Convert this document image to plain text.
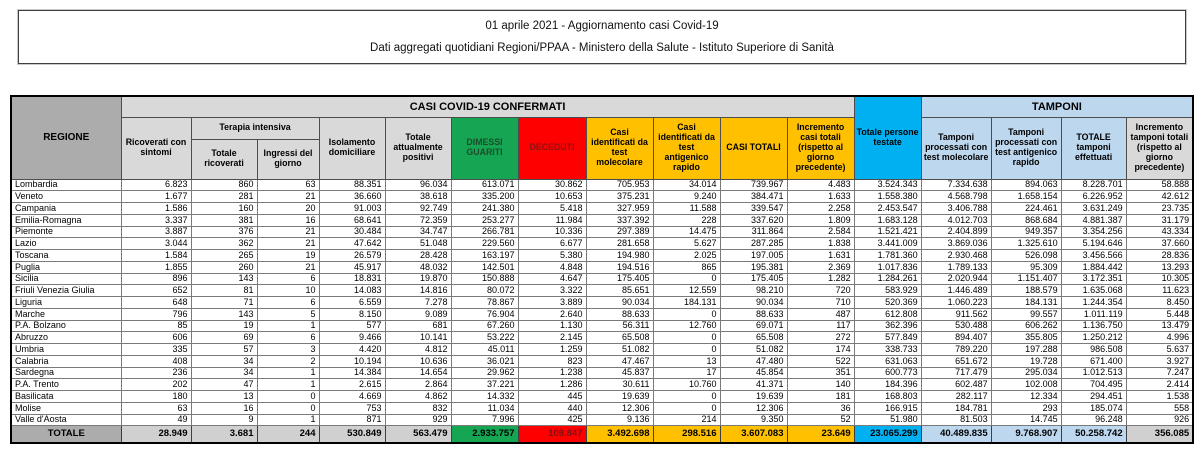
01 aprile 2021 - Aggiornamento casi Covid-19
Dati aggregati quotidiani Regioni/PPAA - Ministero della Salute - Istituto Superiore di Sanità
REGIONE	CASI COVID-19 CONFERMATI											Totale persone testate	TAMPONI			
	Ricoverati con sintomi	Terapia intensiva		Isolamento domiciliare	Totale attualmente positivi	DIMESSI GUARITI	DECEDUTI	Casi identificati da test molecolare	Casi identificati da test antigenico rapido	CASI TOTALI	Incremento casi totali (rispetto al giorno precedente)		Tamponi processati con test molecolare	Tamponi processati con test antigenico rapido	TOTALE tamponi effettuati	Incremento tamponi totali (rispetto al giorno precedente)
		Totale ricoverati	Ingressi del giorno													
Lombardia	6.823	860	63	88.351	96.034	613.071	30.862	705.953	34.014	739.967	4.483	3.524.343	7.334.638	894.063	8.228.701	58.888
Veneto	1.677	281	21	36.660	38.618	335.200	10.653	375.231	9.240	384.471	1.633	1.558.380	4.568.798	1.658.154	6.226.952	42.612
Campania	1.586	160	20	91.003	92.749	241.380	5.418	327.959	11.588	339.547	2.258	2.453.547	3.406.788	224.461	3.631.249	23.735
Emilia-Romagna	3.337	381	16	68.641	72.359	253.277	11.984	337.392	228	337.620	1.809	1.683.128	4.012.703	868.684	4.881.387	31.179
Piemonte	3.887	376	21	30.484	34.747	266.781	10.336	297.389	14.475	311.864	2.584	1.521.421	2.404.899	949.357	3.354.256	43.334
Lazio	3.044	362	21	47.642	51.048	229.560	6.677	281.658	5.627	287.285	1.838	3.441.009	3.869.036	1.325.610	5.194.646	37.660
Toscana	1.584	265	19	26.579	28.428	163.197	5.380	194.980	2.025	197.005	1.631	1.781.360	2.930.468	526.098	3.456.566	28.836
Puglia	1.855	260	21	45.917	48.032	142.501	4.848	194.516	865	195.381	2.369	1.017.836	1.789.133	95.309	1.884.442	13.293
Sicilia	896	143	6	18.831	19.870	150.888	4.647	175.405	0	175.405	1.282	1.284.261	2.020.944	1.151.407	3.172.351	10.305
Friuli Venezia Giulia	652	81	10	14.083	14.816	80.072	3.322	85.651	12.559	98.210	720	583.929	1.446.489	188.579	1.635.068	11.623
Liguria	648	71	6	6.559	7.278	78.867	3.889	90.034	184.131	90.034	710	520.369	1.060.223	184.131	1.244.354	8.450
Marche	796	143	5	8.150	9.089	76.904	2.640	88.633	0	88.633	487	612.808	911.562	99.557	1.011.119	5.448
P.A. Bolzano	85	19	1	577	681	67.260	1.130	56.311	12.760	69.071	117	362.396	530.488	606.262	1.136.750	13.479
Abruzzo	606	69	6	9.466	10.141	53.222	2.145	65.508	0	65.508	272	577.849	894.407	355.805	1.250.212	4.996
Umbria	335	57	3	4.420	4.812	45.011	1.259	51.082	0	51.082	174	338.733	789.220	197.288	986.508	5.637
Calabria	408	34	2	10.194	10.636	36.021	823	47.467	13	47.480	522	631.063	651.672	19.728	671.400	3.927
Sardegna	236	34	1	14.384	14.654	29.962	1.238	45.837	17	45.854	351	600.773	717.479	295.034	1.012.513	7.247
P.A. Trento	202	47	1	2.615	2.864	37.221	1.286	30.611	10.760	41.371	140	184.396	602.487	102.008	704.495	2.414
Basilicata	180	13	0	4.669	4.862	14.332	445	19.639	0	19.639	181	168.803	282.117	12.334	294.451	1.538
Molise	63	16	0	753	832	11.034	440	12.306	0	12.306	36	166.915	184.781	293	185.074	558
Valle d'Aosta	49	9	1	871	929	7.996	425	9.136	214	9.350	52	51.980	81.503	14.745	96.248	926
TOTALE	28.949	3.681	244	530.849	563.479	2.933.757	109.847	3.492.698	298.516	3.607.083	23.649	23.065.299	40.489.835	9.768.907	50.258.742	356.085
